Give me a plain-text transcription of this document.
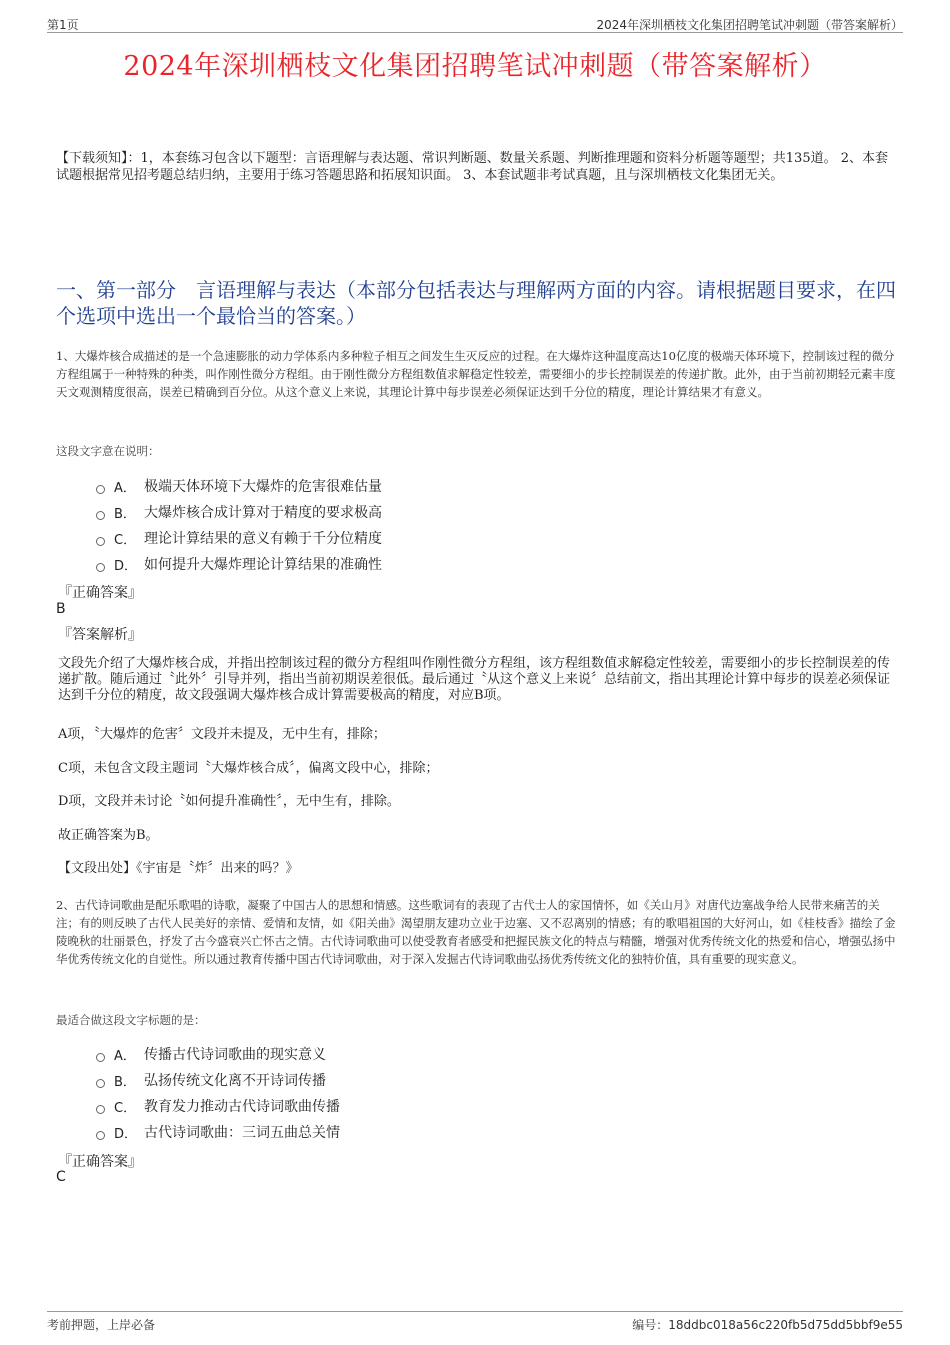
第1页	2024年深圳栖枝文化集团招聘笔试冲刺题（带答案解析）
2024年深圳栖枝文化集团招聘笔试冲刺题（带答案解析）
【下载须知】：1，本套练习包含以下题型：言语理解与表达题、常识判断题、数量关系题、判断推理题和资料分析题等题型；共135道。 2、本套试题根据常见招考题总结归纳，主要用于练习答题思路和拓展知识面。 3、本套试题非考试真题，且与深圳栖枝文化集团无关。
一、第一部分　言语理解与表达（本部分包括表达与理解两方面的内容。请根据题目要求，在四个选项中选出一个最恰当的答案。）
1、大爆炸核合成描述的是一个急速膨胀的动力学体系内多种粒子相互之间发生生灭反应的过程。在大爆炸这种温度高达10亿度的极端天体环境下，控制该过程的微分方程组属于一种特殊的种类，叫作刚性微分方程组。由于刚性微分方程组数值求解稳定性较差，需要细小的步长控制误差的传递扩散。此外，由于当前初期轻元素丰度天文观测精度很高，误差已精确到百分位。从这个意义上来说，其理论计算中每步误差必须保证达到千分位的精度，理论计算结果才有意义。
这段文字意在说明：
A． 极端天体环境下大爆炸的危害很难估量
B． 大爆炸核合成计算对于精度的要求极高
C． 理论计算结果的意义有赖于千分位精度
D． 如何提升大爆炸理论计算结果的准确性
『正确答案』
B
『答案解析』
文段先介绍了大爆炸核合成，并指出控制该过程的微分方程组叫作刚性微分方程组，该方程组数值求解稳定性较差，需要细小的步长控制误差的传递扩散。随后通过〝此外〞引导并列，指出当前初期误差很低。最后通过〝从这个意义上来说〞总结前文，指出其理论计算中每步的误差必须保证达到千分位的精度，故文段强调大爆炸核合成计算需要极高的精度，对应B项。
A项，〝大爆炸的危害〞文段并未提及，无中生有，排除；
C项，未包含文段主题词〝大爆炸核合成〞，偏离文段中心，排除；
D项，文段并未讨论〝如何提升准确性〞，无中生有，排除。
故正确答案为B。
【文段出处】《宇宙是〝炸〞出来的吗？》
2、古代诗词歌曲是配乐歌唱的诗歌，凝聚了中国古人的思想和情感。这些歌词有的表现了古代士人的家国情怀，如《关山月》对唐代边塞战争给人民带来痛苦的关注；有的则反映了古代人民美好的亲情、爱情和友情，如《阳关曲》渴望朋友建功立业于边塞、又不忍离别的情感；有的歌唱祖国的大好河山，如《桂枝香》描绘了金陵晚秋的壮丽景色，抒发了古今盛衰兴亡怀古之情。古代诗词歌曲可以使受教育者感受和把握民族文化的特点与精髓，增强对优秀传统文化的热爱和信心，增强弘扬中华优秀传统文化的自觉性。所以通过教育传播中国古代诗词歌曲，对于深入发掘古代诗词歌曲弘扬优秀传统文化的独特价值，具有重要的现实意义。
最适合做这段文字标题的是：
A． 传播古代诗词歌曲的现实意义
B． 弘扬传统文化离不开诗词传播
C． 教育发力推动古代诗词歌曲传播
D． 古代诗词歌曲：三词五曲总关情
『正确答案』
C
考前押题，上岸必备	编号：18ddbc018a56c220fb5d75dd5bbf9e55
